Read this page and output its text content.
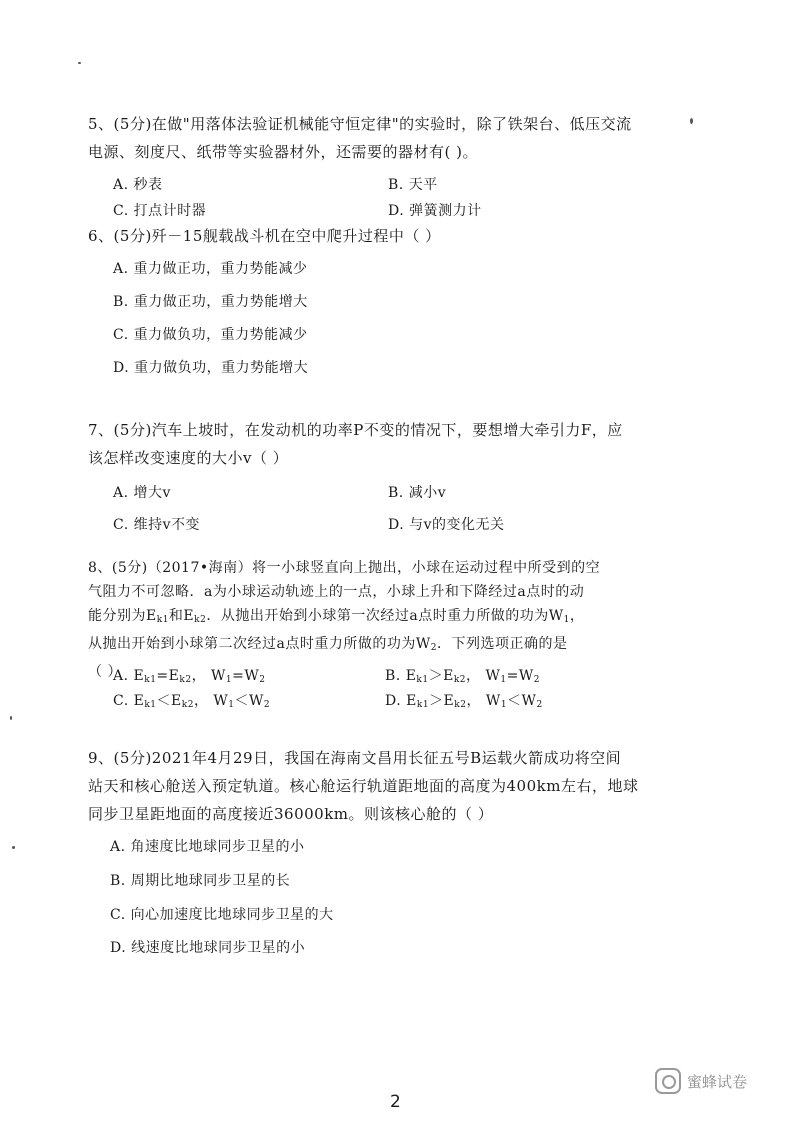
5、(5分)在做"用落体法验证机械能守恒定律"的实验时，除了铁架台、低压交流
电源、刻度尺、纸带等实验器材外，还需要的器材有( )。
A. 秒表	B. 天平
C. 打点计时器	D. 弹簧测力计
6、(5分)歼－15舰载战斗机在空中爬升过程中（ ）
A. 重力做正功，重力势能减少
B. 重力做正功，重力势能增大
C. 重力做负功，重力势能减少
D. 重力做负功，重力势能增大
7、(5分)汽车上坡时，在发动机的功率P不变的情况下，要想增大牵引力F，应
该怎样改变速度的大小v（ ）
A. 增大v	B. 减小v
C. 维持v不变	D. 与v的变化无关
8、(5分)（2017•海南）将一小球竖直向上抛出，小球在运动过程中所受到的空
气阻力不可忽略．a为小球运动轨迹上的一点，小球上升和下降经过a点时的动
能分别为$E_{k1}$和$E_{k2}$．从抛出开始到小球第一次经过a点时重力所做的功为$W_1$，
从抛出开始到小球第二次经过a点时重力所做的功为$W_2$．下列选项正确的是
（ ）
A. $E_{k1}=E_{k2}$， $W_1=W_2$	B. $E_{k1}>E_{k2}$， $W_1=W_2$
C. $E_{k1}<E_{k2}$， $W_1<W_2$	D. $E_{k1}>E_{k2}$， $W_1<W_2$
9、(5分)2021年4月29日，我国在海南文昌用长征五号B运载火箭成功将空间
站天和核心舱送入预定轨道。核心舱运行轨道距地面的高度为400km左右，地球
同步卫星距地面的高度接近36000km。则该核心舱的（ ）
A. 角速度比地球同步卫星的小
B. 周期比地球同步卫星的长
C. 向心加速度比地球同步卫星的大
D. 线速度比地球同步卫星的小
2
蜜蜂试卷
